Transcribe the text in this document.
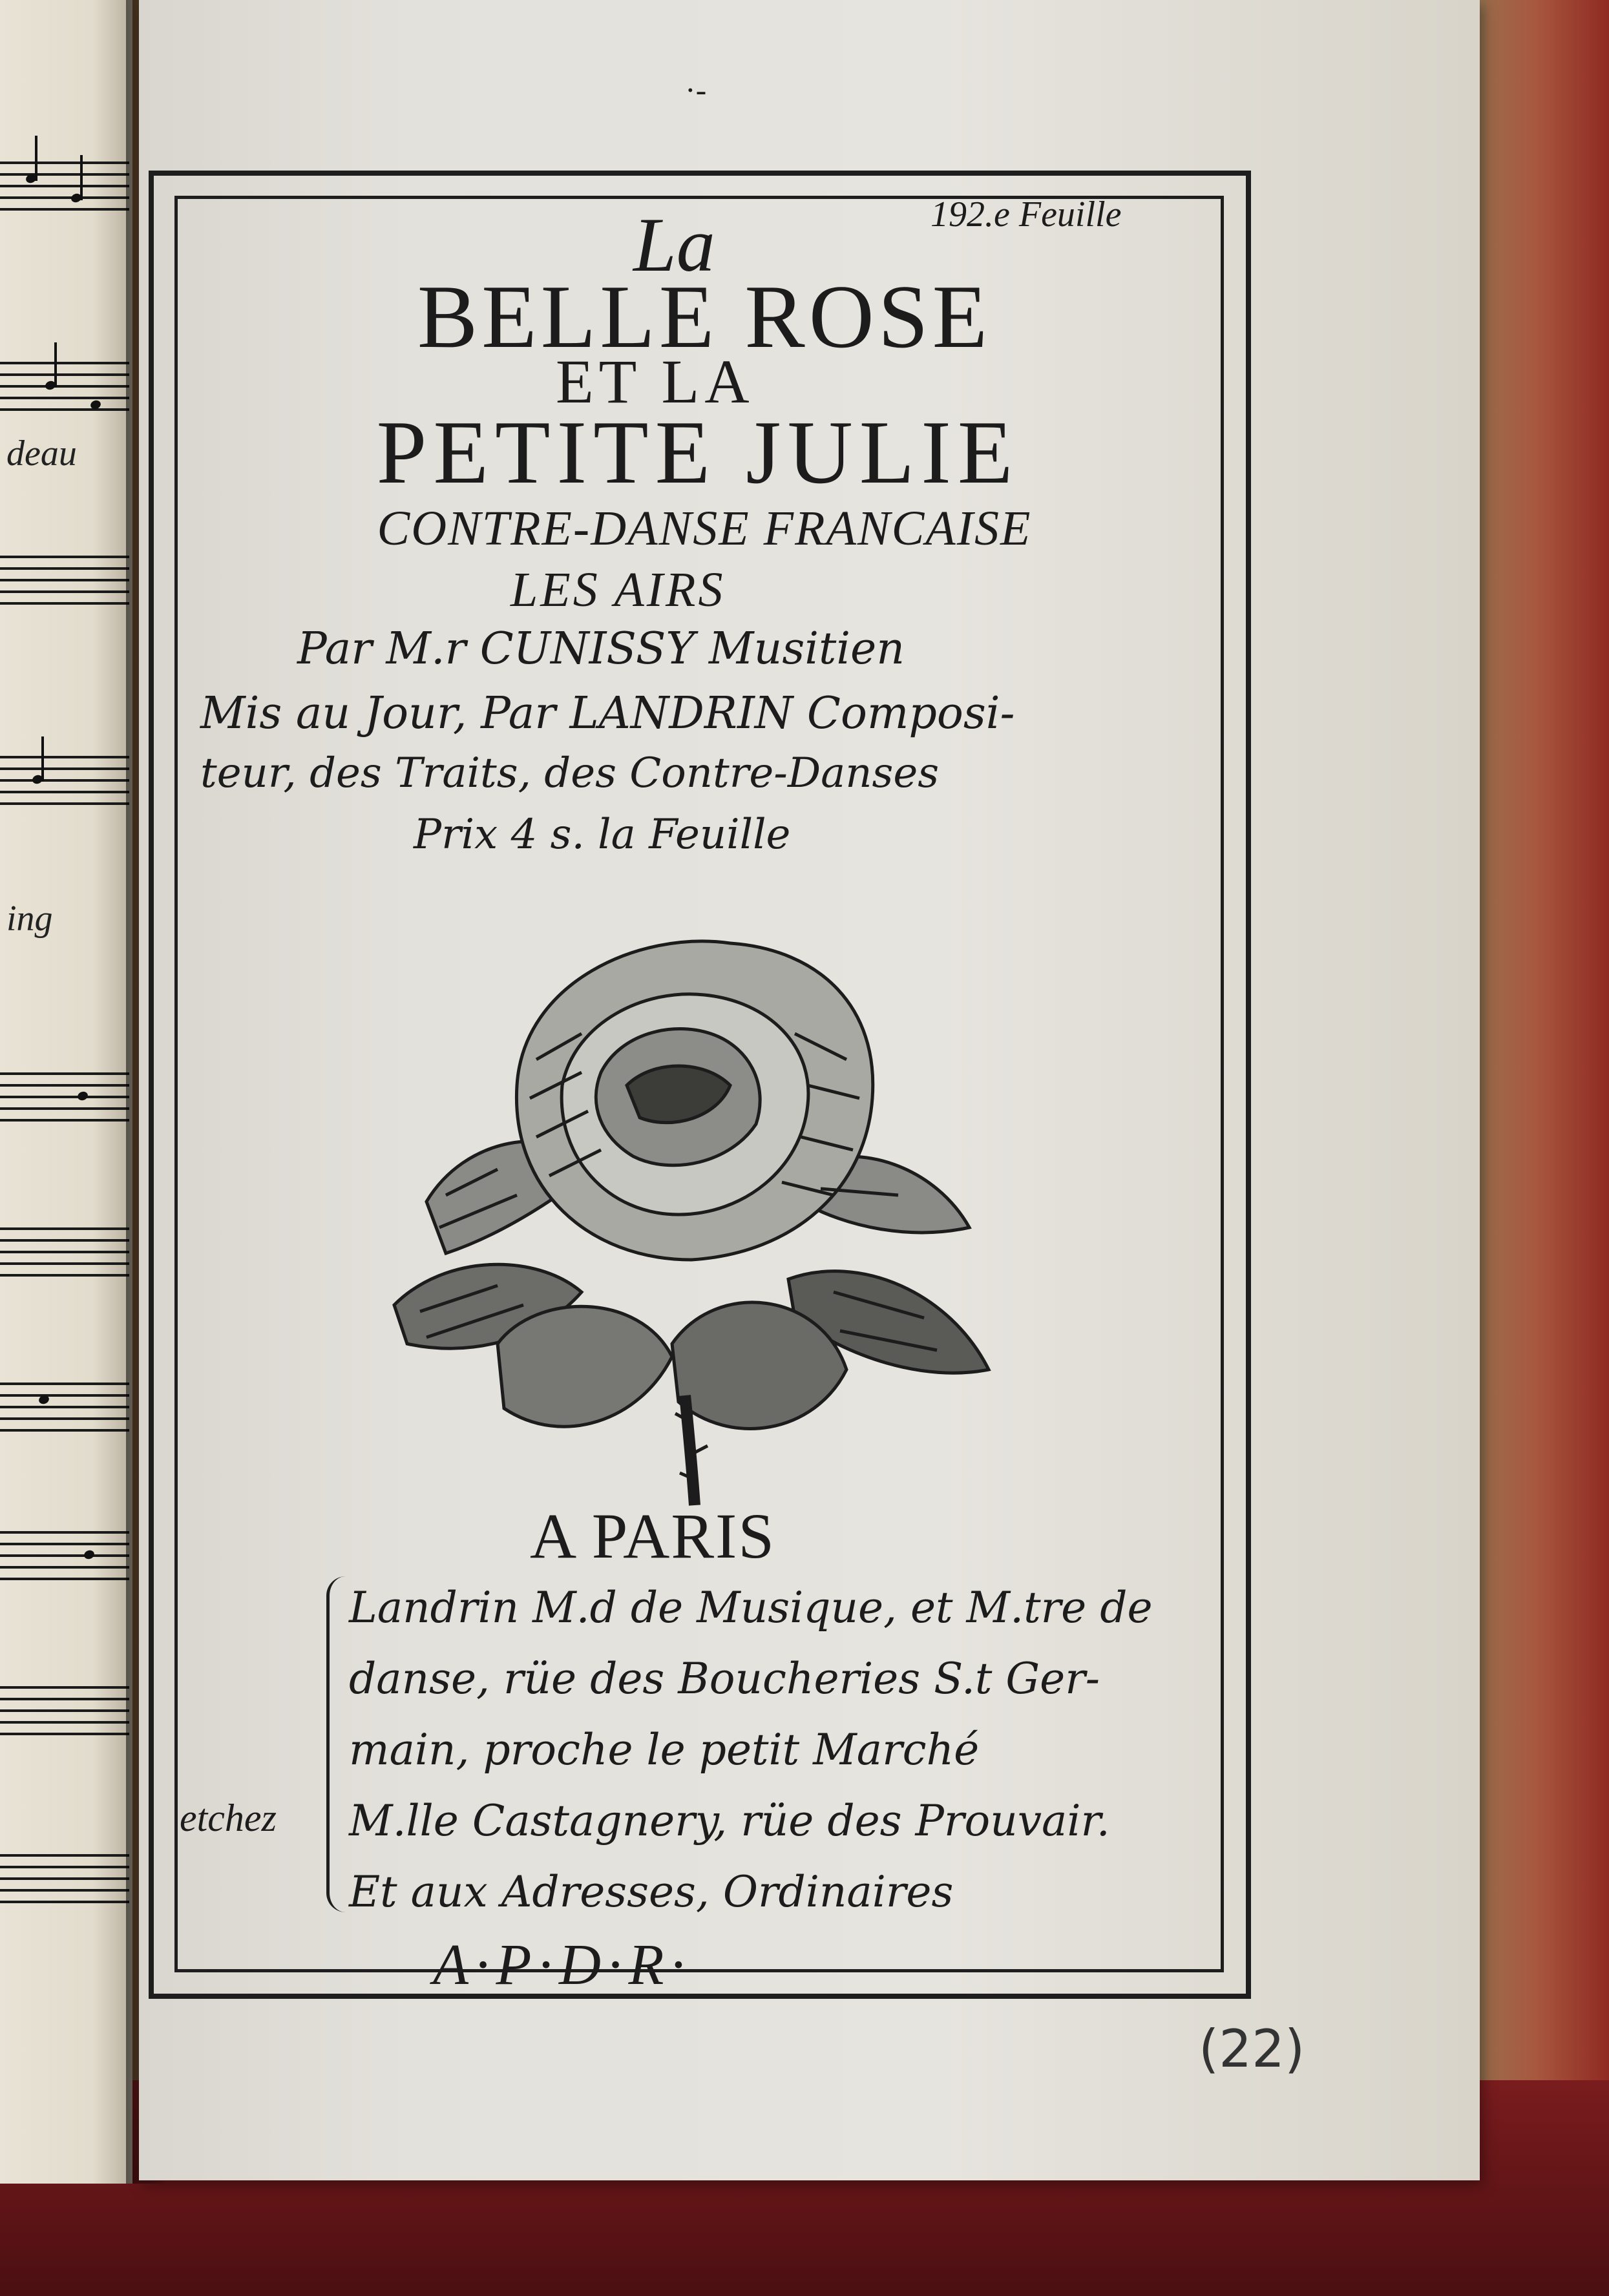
deau
ing
·-
192.e Feuille
La
BELLE ROSE
ET LA
PETITE JULIE
CONTRE-DANSE FRANCAISE
LES AIRS
Par M.r CUNISSY Musitien
Mis au Jour, Par LANDRIN Composi-
teur, des Traits, des Contre-Danses
Prix 4 s. la Feuille
A PARIS
etchez
Landrin M.d de Musique, et M.tre de
danse, rüe des Boucheries S.t Ger-
main, proche le petit Marché
M.lle Castagnery, rüe des Prouvair.
Et aux Adresses, Ordinaires
A·P·D·R·
(22)
